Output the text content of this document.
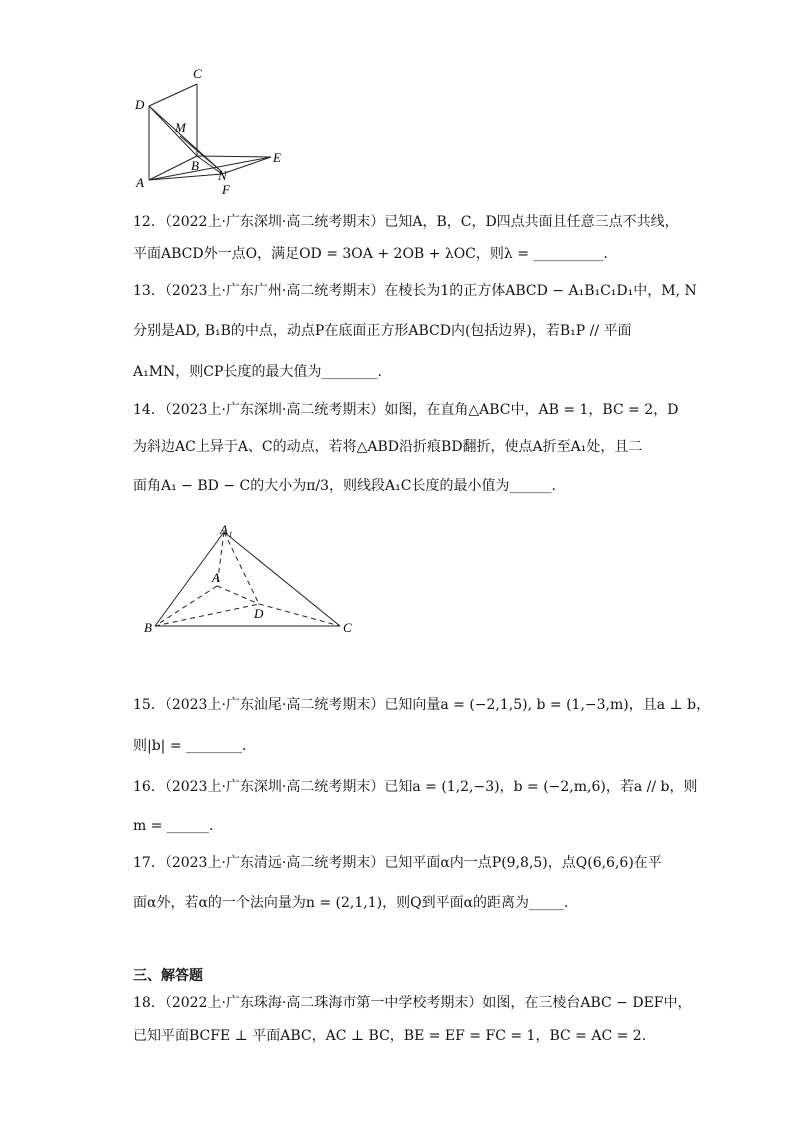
C
D
M
B
E
A	N
F
12．（2022上·广东深圳·高二统考期末）已知A，B，C，D四点共面且任意三点不共线，
平面ABCD外一点O，满足OD = 3OA + 2OB + λOC，则λ = __________.
13．（2023上·广东广州·高二统考期末）在棱长为1的正方体ABCD − A₁B₁C₁D₁中，M, N
分别是AD, B₁B的中点，动点P在底面正方形ABCD内(包括边界)，若B₁P // 平面
A₁MN，则CP长度的最大值为________.
14．（2023上·广东深圳·高二统考期末）如图，在直角△ABC中，AB = 1，BC = 2，D
为斜边AC上异于A、C的动点，若将△ABD沿折痕BD翻折，使点A折至A₁处，且二
面角A₁ − BD − C的大小为π/3，则线段A₁C长度的最小值为______.
A₁
A
D
B	C
15．（2023上·广东汕尾·高二统考期末）已知向量a = (−2,1,5), b = (1,−3,m)，且a ⊥ b，
则|b| = ________.
16．（2023上·广东深圳·高二统考期末）已知a = (1,2,−3)，b = (−2,m,6)，若a // b，则
m = ______.
17．（2023上·广东清远·高二统考期末）已知平面α内一点P(9,8,5)，点Q(6,6,6)在平
面α外，若α的一个法向量为n = (2,1,1)，则Q到平面α的距离为_____.
三、解答题
18．（2022上·广东珠海·高二珠海市第一中学校考期末）如图，在三棱台ABC − DEF中，
已知平面BCFE ⊥ 平面ABC，AC ⊥ BC，BE = EF = FC = 1，BC = AC = 2.
